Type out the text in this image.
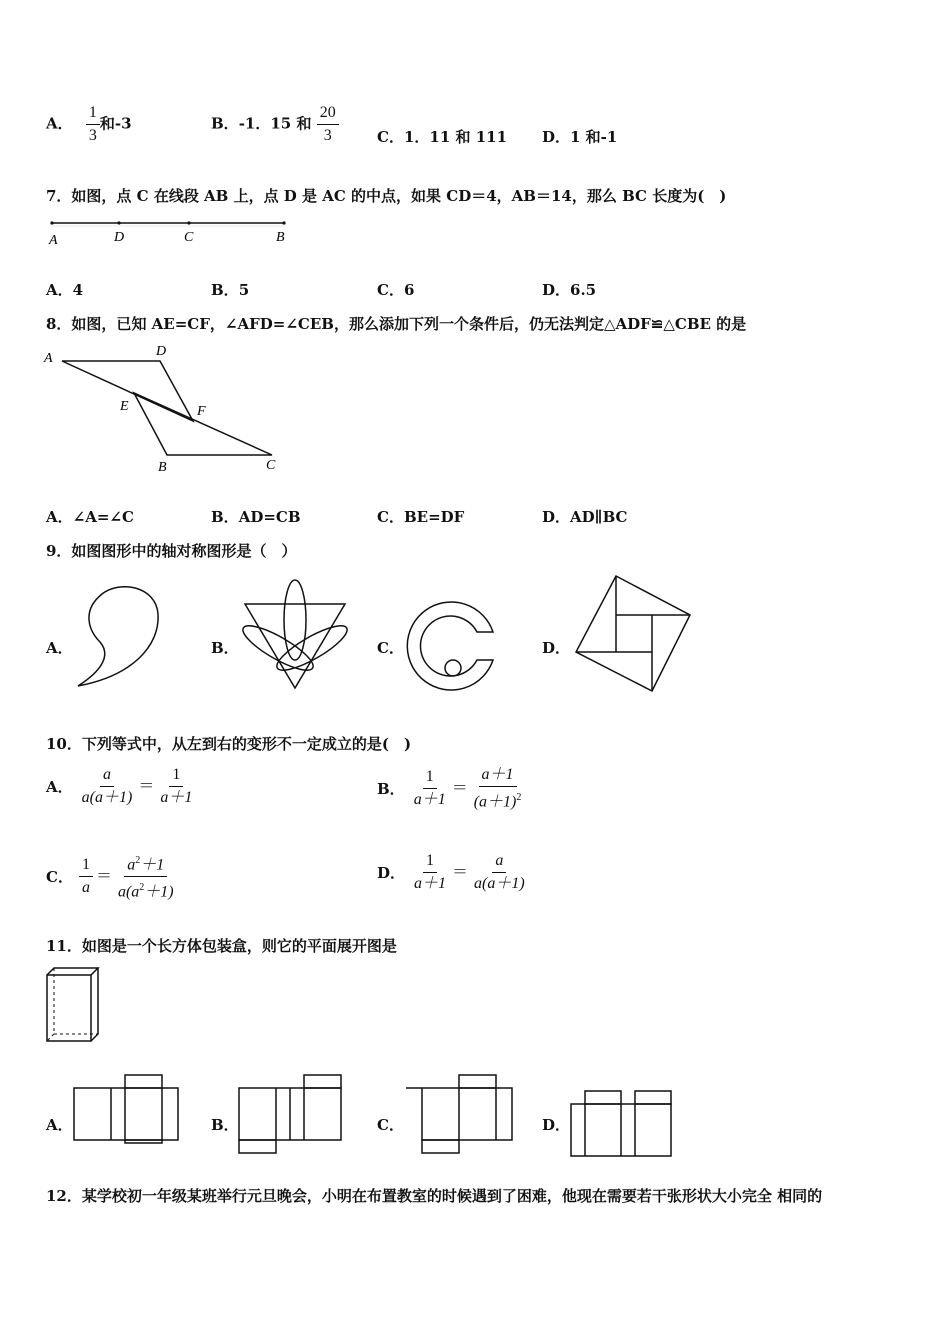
A． $\frac{1}{3}$ 和-3	B．-1．15 和 $\frac{20}{3}$	C．1．11 和 111 D．1 和-1
7．如图，点 C 在线段 AB 上，点 D 是 AC 的中点，如果 CD＝4，AB＝14，那么 BC 长度为(　)
A	D	C	B
A．4	B．5	C．6	D．6.5
8．如图，已知 AE=CF，∠AFD=∠CEB，那么添加下列一个条件后，仍无法判定△ADF≌△CBE 的是
A	D
E	F
B	C
A．∠A=∠C	B．AD=CB	C．BE=DF	D．AD∥BC
9．如图图形中的轴对称图形是（　）
A．	B．	C．	D．
10．下列等式中，从左到右的变形不一定成立的是(　)
A． $\frac{a}{a(a+1)} = \frac{1}{a+1}$	B． $\frac{1}{a+1} = \frac{a+1}{(a+1)^2}$
C． $\frac{1}{a} = \frac{a^2+1}{a(a^2+1)}$	D． $\frac{1}{a+1} = \frac{a}{a(a+1)}$
11．如图是一个长方体包装盒，则它的平面展开图是
A．	B．	C．	D．
12．某学校初一年级某班举行元旦晚会，小明在布置教室的时候遇到了困难，他现在需要若干张形状大小完全 相同的
